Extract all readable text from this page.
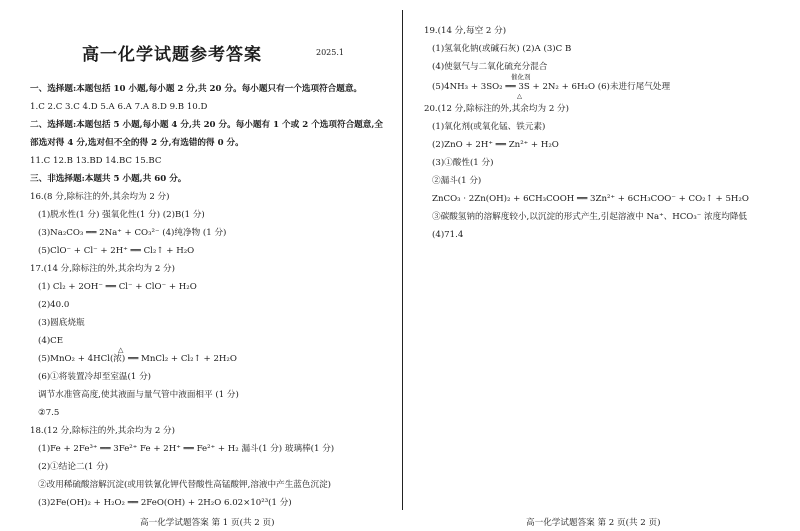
高一化学试题参考答案	2025.1
一、选择题:本题包括 10 小题,每小题 2 分,共 20 分。每小题只有一个选项符合题意。
1.C 2.C 3.C 4.D 5.A 6.A 7.A 8.D 9.B 10.D
二、选择题:本题包括 5 小题,每小题 4 分,共 20 分。每小题有 1 个或 2 个选项符合题意,全
部选对得 4 分,选对但不全的得 2 分,有选错的得 0 分。
11.C 12.B 13.BD 14.BC 15.BC
三、非选择题:本题共 5 小题,共 60 分。
16.(8 分,除标注的外,其余均为 2 分)
(1)脱水性(1 分) 强氧化性(1 分) (2)B(1 分)
(3)Na₂CO₃ ══ 2Na⁺ + CO₃²⁻ (4)纯净物 (1 分)
(5)ClO⁻ + Cl⁻ + 2H⁺ ══ Cl₂↑ + H₂O
17.(14 分,除标注的外,其余均为 2 分)
(1) Cl₂ + 2OH⁻ ══ Cl⁻ + ClO⁻ + H₂O
(2)40.0
(3)圆底烧瓶
(4)CE
△
(5)MnO₂ + 4HCl(浓) ══ MnCl₂ + Cl₂↑ + 2H₂O
(6)①将装置冷却至室温(1 分)
调节水准管高度,使其液面与量气管中液面相平 (1 分)
②7.5
18.(12 分,除标注的外,其余均为 2 分)
(1)Fe + 2Fe³⁺ ══ 3Fe²⁺ Fe + 2H⁺ ══ Fe²⁺ + H₂ 漏斗(1 分) 玻璃棒(1 分)
(2)①结论二(1 分)
②改用稀硫酸溶解沉淀(或用铁氰化钾代替酸性高锰酸钾,溶液中产生蓝色沉淀)
(3)2Fe(OH)₂ + H₂O₂ ══ 2FeO(OH) + 2H₂O 6.02×10²³(1 分)
高一化学试题答案 第 1 页(共 2 页)
19.(14 分,每空 2 分)
(1)氢氧化钠(或碱石灰) (2)A (3)C B
(4)使氨气与二氧化硫充分混合
催化剂
(5)4NH₃ + 3SO₂ ══ 3S + 2N₂ + 6H₂O (6)未进行尾气处理
△
20.(12 分,除标注的外,其余均为 2 分)
(1)氧化剂(或氧化锰、铁元素)
(2)ZnO + 2H⁺ ══ Zn²⁺ + H₂O
(3)①酸性(1 分)
②漏斗(1 分)
ZnCO₃ · 2Zn(OH)₂ + 6CH₃COOH ══ 3Zn²⁺ + 6CH₃COO⁻ + CO₂↑ + 5H₂O
③碳酸氢钠的溶解度较小,以沉淀的形式产生,引起溶液中 Na⁺、HCO₃⁻ 浓度均降低
(4)71.4
高一化学试题答案 第 2 页(共 2 页)
